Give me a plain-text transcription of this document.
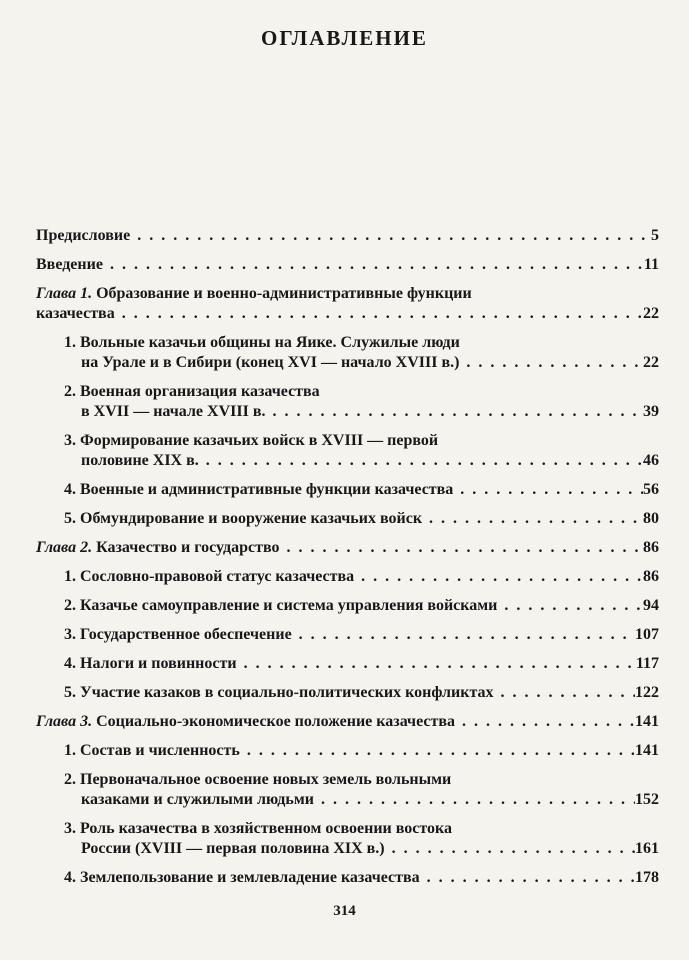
ОГЛАВЛЕНИЕ
Предисловие . . .	5
Введение . . .	11
Глава 1. Образование и военно-административные функции
казачества . . .	22
1. Вольные казачьи общины на Яике. Служилые люди
на Урале и в Сибири (конец XVI — начало XVIII в.) . . .	22
2. Военная организация казачества
в XVII — начале XVIII в. . . .	39
3. Формирование казачьих войск в XVIII — первой
половине XIX в. . . .	46
4. Военные и административные функции казачества . . .	56
5. Обмундирование и вооружение казачьих войск . . .	80
Глава 2. Казачество и государство . . .	86
1. Сословно-правовой статус казачества . . .	86
2. Казачье самоуправление и система управления войсками . . .	94
3. Государственное обеспечение . . .	107
4. Налоги и повинности . . .	117
5. Участие казаков в социально-политических конфликтах . . .	122
Глава 3. Социально-экономическое положение казачества . . .	141
1. Состав и численность . . .	141
2. Первоначальное освоение новых земель вольными
казаками и служилыми людьми . . .	152
3. Роль казачества в хозяйственном освоении востока
России (XVIII — первая половина XIX в.) . . .	161
4. Землепользование и землевладение казачества . . .	178
314
